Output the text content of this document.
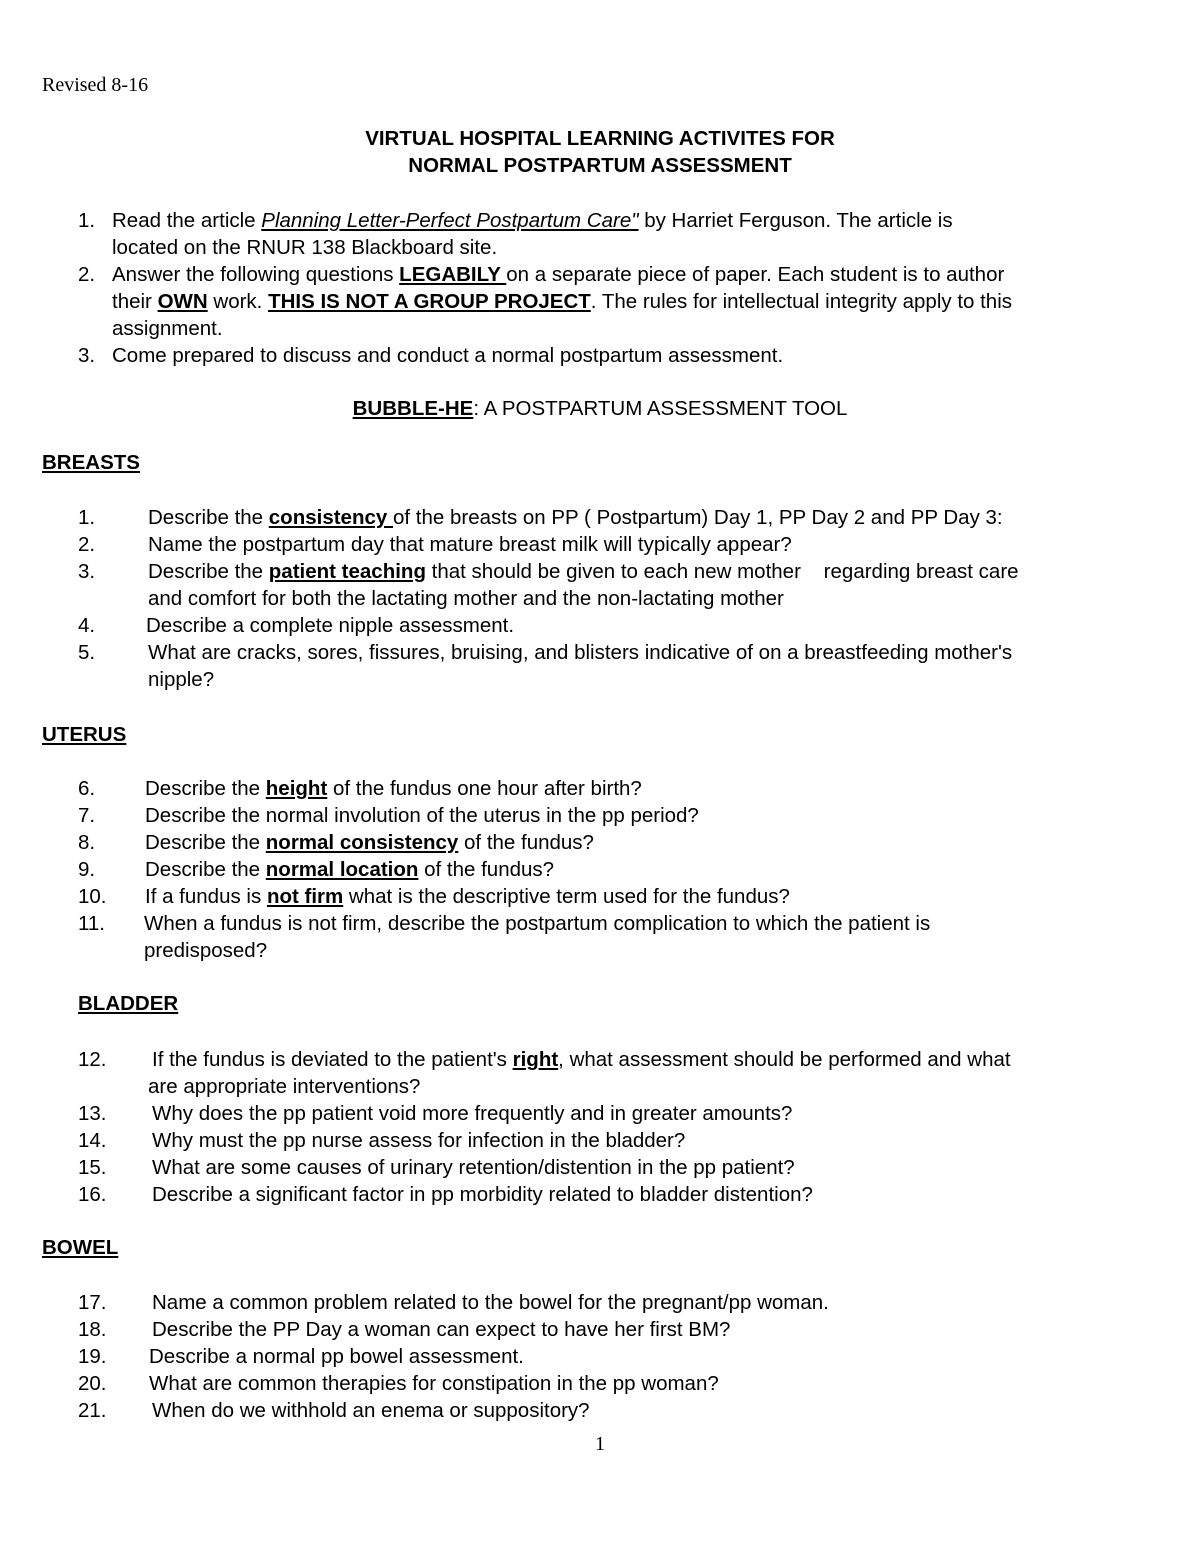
Revised 8-16
VIRTUAL HOSPITAL LEARNING ACTIVITES FOR
NORMAL POSTPARTUM ASSESSMENT
1. Read the article Planning Letter-Perfect Postpartum Care" by Harriet Ferguson. The article is
located on the RNUR 138 Blackboard site.
2. Answer the following questions LEGABILY on a separate piece of paper. Each student is to author
their OWN work. THIS IS NOT A GROUP PROJECT. The rules for intellectual integrity apply to this
assignment.
3. Come prepared to discuss and conduct a normal postpartum assessment.
BUBBLE-HE: A POSTPARTUM ASSESSMENT TOOL
BREASTS
1.	Describe the consistency of the breasts on PP ( Postpartum) Day 1, PP Day 2 and PP Day 3:
2.	Name the postpartum day that mature breast milk will typically appear?
3.	Describe the patient teaching that should be given to each new mother    regarding breast care
and comfort for both the lactating mother and the non-lactating mother
4. Describe a complete nipple assessment.
5.	What are cracks, sores, fissures, bruising, and blisters indicative of on a breastfeeding mother's
nipple?
UTERUS
6. Describe the height of the fundus one hour after birth?
7. Describe the normal involution of the uterus in the pp period?
8. Describe the normal consistency of the fundus?
9. Describe the normal location of the fundus?
10. If a fundus is not firm what is the descriptive term used for the fundus?
11. When a fundus is not firm, describe the postpartum complication to which the patient is
predisposed?
BLADDER
12. If the fundus is deviated to the patient's right, what assessment should be performed and what
are appropriate interventions?
13. Why does the pp patient void more frequently and in greater amounts?
14. Why must the pp nurse assess for infection in the bladder?
15. What are some causes of urinary retention/distention in the pp patient?
16. Describe a significant factor in pp morbidity related to bladder distention?
BOWEL
17. Name a common problem related to the bowel for the pregnant/pp woman.
18. Describe the PP Day a woman can expect to have her first BM?
19. Describe a normal pp bowel assessment.
20. What are common therapies for constipation in the pp woman?
21. When do we withhold an enema or suppository?
1
